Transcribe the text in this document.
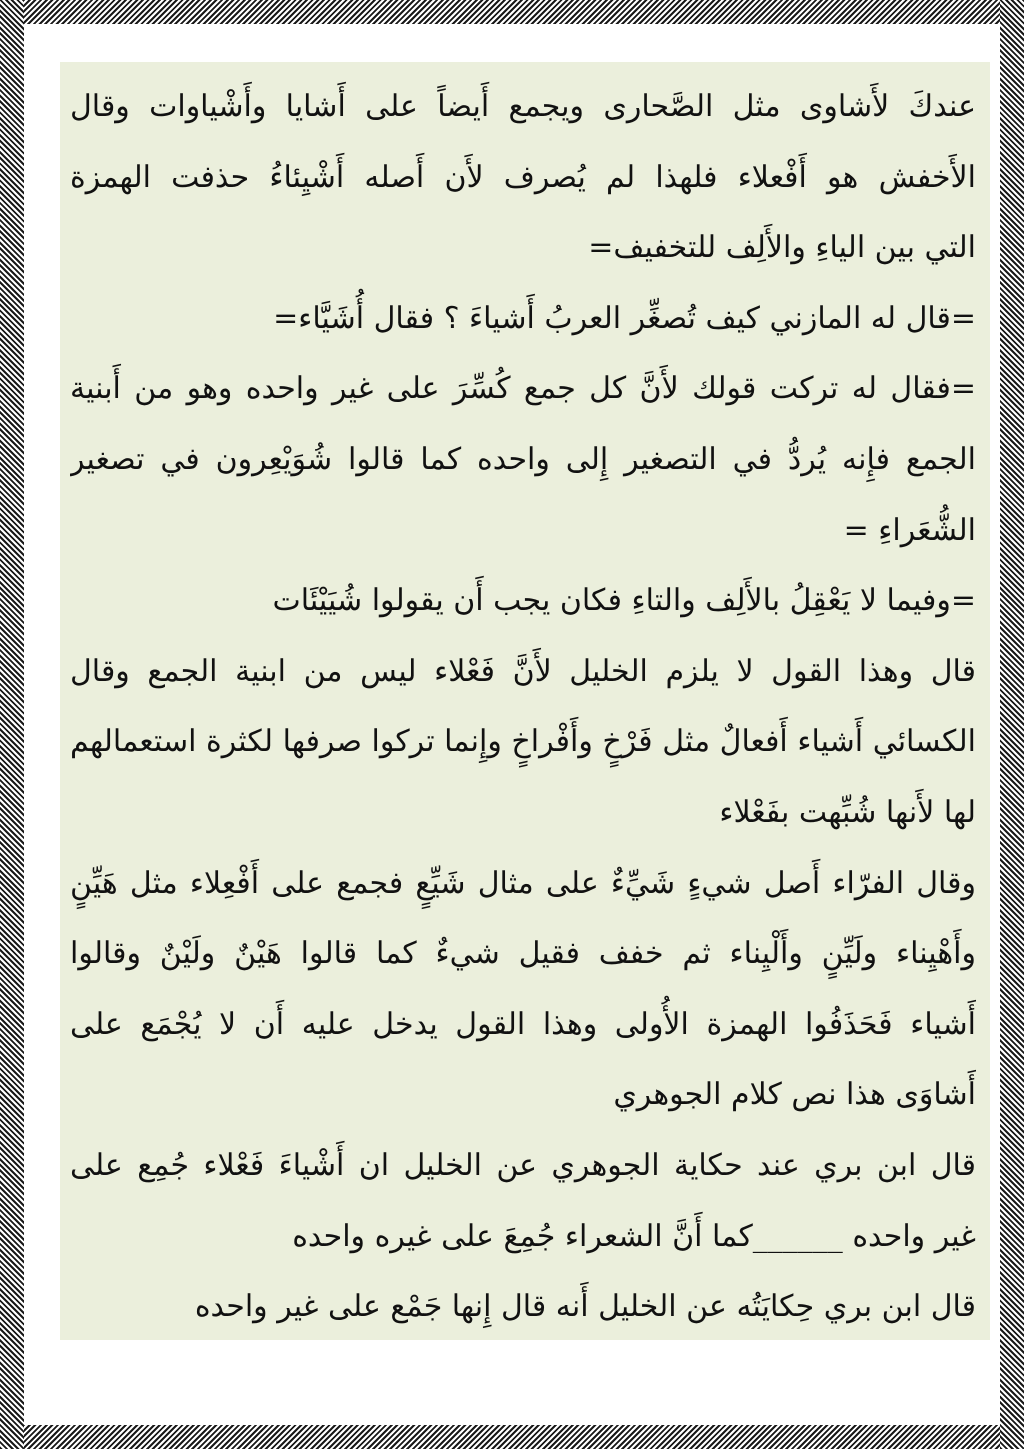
عندكَ لأَشاوى مثل الصَّحارى ويجمع أَيضاً على أَشايا وأَشْياوات وقال
الأَخفش هو أَفْعلاء فلهذا لم يُصرف لأَن أَصله أَشْيِئاءُ حذفت الهمزة
التي بين الياءِ والأَلِف للتخفيف=
=قال له المازني كيف تُصغِّر العربُ أَشياءَ ؟ فقال أُشَيَّاء=
=فقال له تركت قولك لأَنَّ كل جمع كُسِّرَ على غير واحده وهو من أَبنية
الجمع فإِنه يُردُّ في التصغير إِلى واحده كما قالوا شُوَيْعِرون في تصغير
الشُّعَراءِ =
=وفيما لا يَعْقِلُ بالأَلِف والتاءِ فكان يجب أَن يقولوا شُيَيْئَات
قال وهذا القول لا يلزم الخليل لأَنَّ فَعْلاء ليس من ابنية الجمع وقال
الكسائي أَشياء أَفعالٌ مثل فَرْخٍ وأَفْراخٍ وإِنما تركوا صرفها لكثرة استعمالهم
لها لأَنها شُبِّهت بفَعْلاء
وقال الفرّاء أَصل شيءٍ شَيِّءٌ على مثال شَيِّعٍ فجمع على أَفْعِلاء مثل هَيِّنٍ
وأَهْيِناء ولَيِّنٍ وأَلْيِناء ثم خفف فقيل شيءٌ كما قالوا هَيْنٌ ولَيْنٌ وقالوا
أَشياء فَحَذَفُوا الهمزة الأُولى وهذا القول يدخل عليه أَن لا يُجْمَع على
أَشاوَى هذا نص كلام الجوهري
قال ابن بري عند حكاية الجوهري عن الخليل ان أَشْياءَ فَعْلاء جُمِع على
غير واحده ______كما أَنَّ الشعراء جُمِعَ على غيره واحده
قال ابن بري حِكايَتُه عن الخليل أَنه قال إِنها جَمْع على غير واحده
